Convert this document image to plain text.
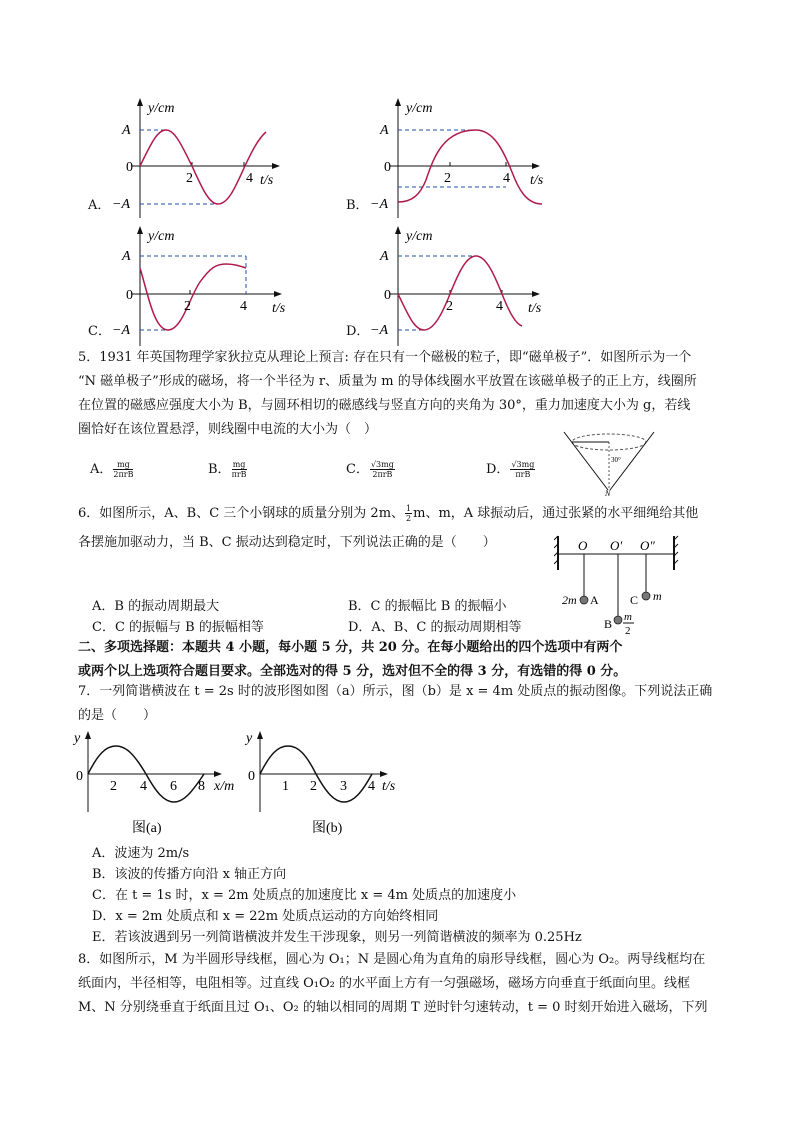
A．
y/cm
A
0
−A
2	4 t/s
B．
y/cm
A
0
−A
2	4 t/s
C．
y/cm
A
0
−A
2	4 t/s
D．
y/cm
A
0
−A
2	4 t/s
5．1931 年英国物理学家狄拉克从理论上预言: 存在只有一个磁极的粒子，即“磁单极子”．如图所示为一个
“N 磁单极子”形成的磁场，将一个半径为 r、质量为 m 的导体线圈水平放置在该磁单极子的正上方，线圈所
在位置的磁感应强度大小为 B，与圆环相切的磁感线与竖直方向的夹角为 30°，重力加速度大小为 g，若线
圈恰好在该位置悬浮，则线圈中电流的大小为（　）
A． $\frac{mg}{\text{2πrB}}$	B． $\frac{mg}{\text{πrB}}$	C． $\frac{√3mg}{\text{2πrB}}$	D． $\frac{√3mg}{\text{πrB}}$	30°
N
6．如图所示，A、B、C 三个小钢球的质量分别为 2m、 $\frac{1}{2}$ m、m，A 球振动后，通过张紧的水平细绳给其他
各摆施加驱动力，当 B、C 振动达到稳定时，下列说法正确的是（　　）	O O′ O″
2m A	C m
B m
2
A．B 的振动周期最大	B．C 的振幅比 B 的振幅小
C．C 的振幅与 B 的振幅相等	D．A、B、C 的振动周期相等
二、多项选择题：本题共 4 小题，每小题 5 分，共 20 分。在每小题给出的四个选项中有两个
或两个以上选项符合题目要求。全部选对的得 5 分，选对但不全的得 3 分，有选错的得 0 分。
7．一列简谐横波在 t = 2s 时的波形图如图（a）所示，图（b）是 x = 4m 处质点的振动图像。下列说法正确
的是（　　）
y
0
2 4 6 8 x/m
图(a)
y
0
1 2 3 4 t/s
图(b)
A．波速为 2m/s
B．该波的传播方向沿 x 轴正方向
C．在 t = 1s 时，x = 2m 处质点的加速度比 x = 4m 处质点的加速度小
D．x = 2m 处质点和 x = 22m 处质点运动的方向始终相同
E．若该波遇到另一列简谐横波并发生干涉现象，则另一列简谐横波的频率为 0.25Hz
8．如图所示，M 为半圆形导线框，圆心为 O₁；N 是圆心角为直角的扇形导线框，圆心为 O₂。两导线框均在
纸面内，半径相等，电阻相等。过直线 O₁O₂ 的水平面上方有一匀强磁场，磁场方向垂直于纸面向里。线框
M、N 分别绕垂直于纸面且过 O₁、O₂ 的轴以相同的周期 T 逆时针匀速转动，t = 0 时刻开始进入磁场，下列
